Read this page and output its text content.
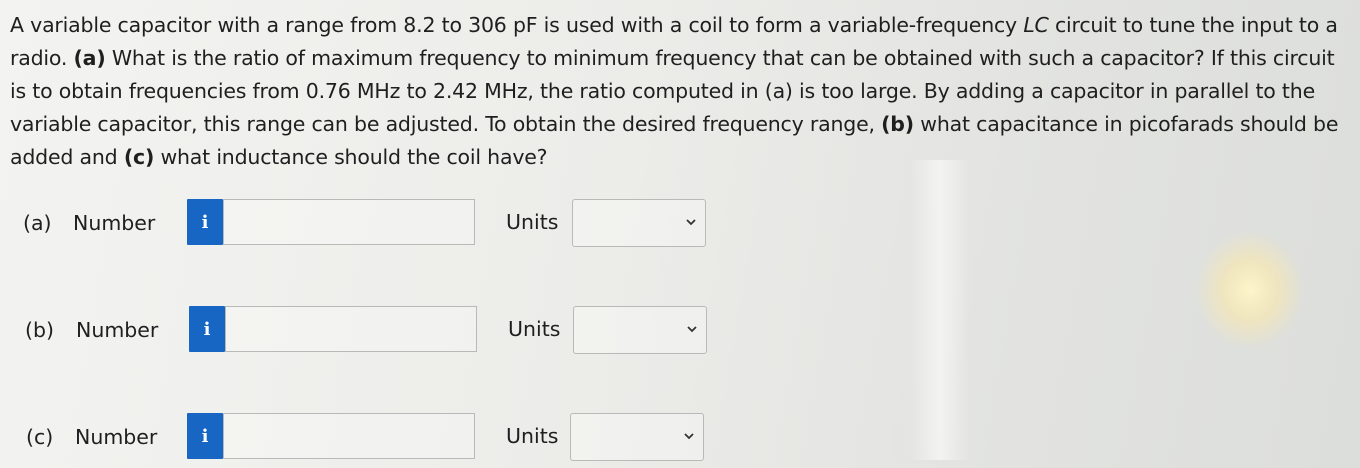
A variable capacitor with a range from 8.2 to 306 pF is used with a coil to form a variable-frequency LC circuit to tune the input to a radio. (a) What is the ratio of maximum frequency to minimum frequency that can be obtained with such a capacitor? If this circuit is to obtain frequencies from 0.76 MHz to 2.42 MHz, the ratio computed in (a) is too large. By adding a capacitor in parallel to the variable capacitor, this range can be adjusted. To obtain the desired frequency range, (b) what capacitance in picofarads should be added and (c) what inductance should the coil have?

(a) Number	i	Units
(b) Number	i	Units
(c) Number i	Units
